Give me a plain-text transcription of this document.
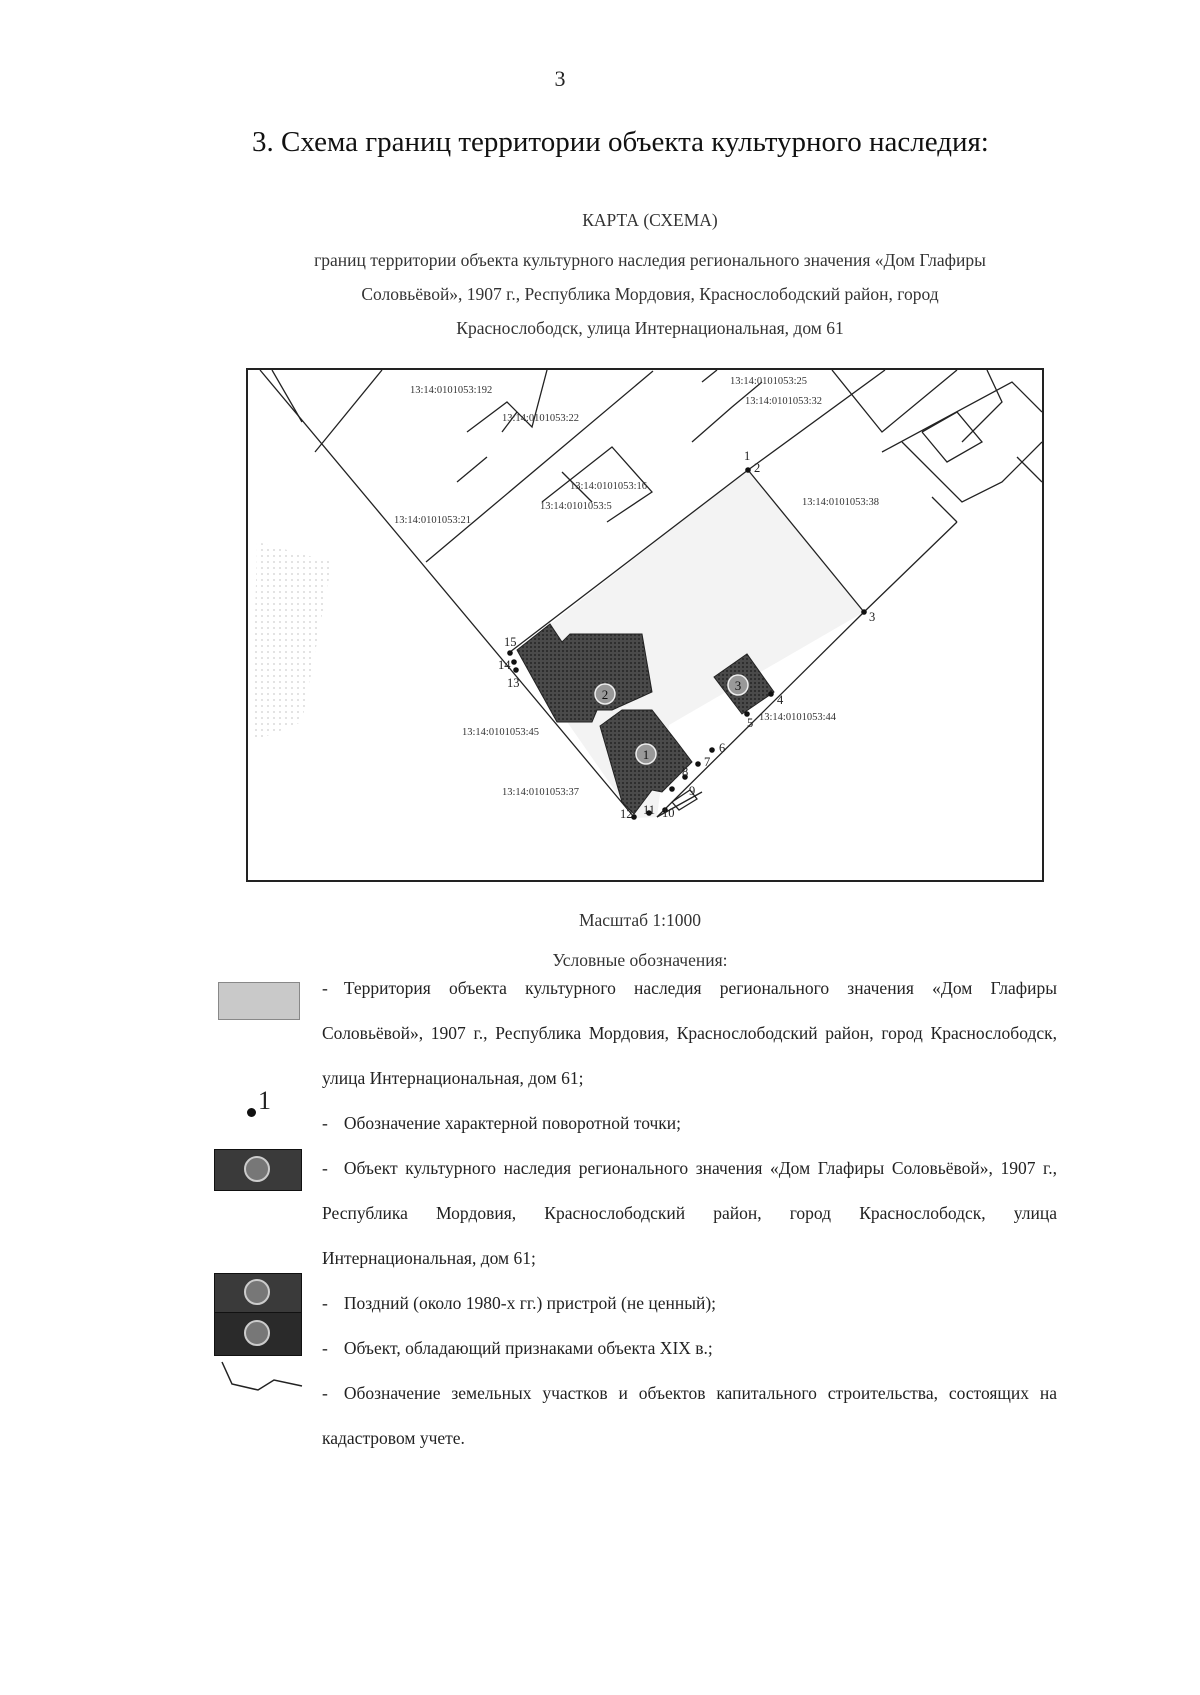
3
3. Схема границ территории объекта культурного наследия:
КАРТА (СХЕМА)
границ территории объекта культурного наследия регионального значения «Дом Глафиры
Соловьёвой», 1907 г., Республика Мордовия, Краснослободский район, город
Краснослободск, улица Интернациональная, дом 61
2
1
3
13:14:0101053:192
13:14:0101053:22
13:14:0101053:25
13:14:0101053:32
13:14:0101053:16
13:14:0101053:5
13:14:0101053:21
13:14:0101053:38
13:14:0101053:45
13:14:0101053:44
13:14:0101053:37
1
2
3
4
5
6
7
8
9
10
11
12
13
14
15
Масштаб 1:1000
Условные обозначения:
1
- Территория объекта культурного наследия регионального значения «Дом Глафиры Соловьёвой», 1907 г., Республика Мордовия, Краснослободский район, город Краснослободск, улица Интернациональная, дом 61;
- Обозначение характерной поворотной точки;
- Объект культурного наследия регионального значения «Дом Глафиры Соловьёвой», 1907 г., Республика Мордовия, Краснослободский район, город Краснослободск, улица Интернациональная, дом 61;
- Поздний (около 1980-х гг.) пристрой (не ценный);
- Объект, обладающий признаками объекта XIX в.;
- Обозначение земельных участков и объектов капитального строительства, состоящих на кадастровом учете.
